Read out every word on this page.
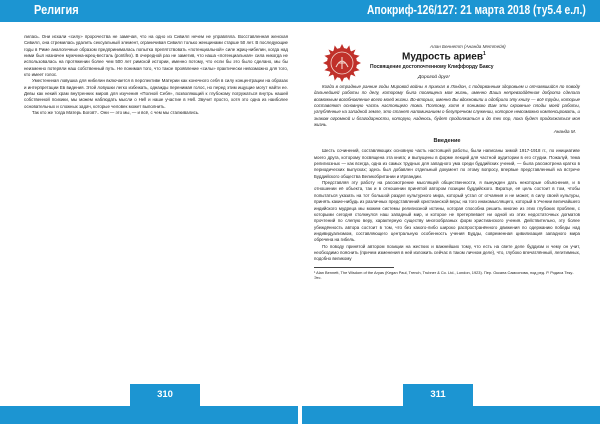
Религия	Апокриф-126/127: 21 марта 2018 (ту5.4 е.л.)

лилась. Они искали «силу» пророчества не замечая, что на одно из Сивилл нечем не управляла. Восставленная женская Сивилл, она стремилась удалить сексуальный элемент, ограничивая Сивилл только женщинами старше 50 лет. В последующие годы в Риме аналогичные образом предпринималась попытка препятствовать «потенциальной» силе жриц-нибелин, когда над ними был назначен мужчина-жрец-весталь (pontifex). В очередной раз не заметив, что наша «потенциальная» сила никогда не использовалась на протяжении более чем 500 лет римской истории, именно потому, что если бы это было сделано, мы бы неизменно потеряли наш собственный путь. Не понимая того, что такое проявление «силы» практически невозможно для того, кто имеет голос.

Уместеннная ловушка для нибелин включается в перспективе Материи как конечного себя в силу концентрации на образах и интерпретации Ев видения. Этой ловушки легко избежать, однажды перенимая голос, но перед этим ищущие могут найти ее. Девы как некий храм внутренних миров для изучения «Полной Себя», позволяющий к глубокому погружаться внутрь нашей собственной психики, мы можем наблюдать мысли о Hell и наше участие в Hell. Звучит просто, хотя это одна из наиболее основательных и сложных задач, которые человек может выполнить.

Так кто же тогда Матерь Богов?.. Они — это мы, — и всё, с чем мы сталкивались.

Алан Беннетт (Ананда Меттейя)
Мудрость ариев$^1$
Посвящение достопочтенному Клиффорду Баксу
Дорогой друг!

Когда в отрадные ранние годы Мировой войны я приехал в Лондон, с подорванным здоровьем и отчаявшийся по поводу дальнейшей работы по делу, которому была посвящена моя жизнь, именно Ваша непревзойдённая доброта сделала возможным возобновление всего моей жизни. Во-вторых, именно Вы вдохновили и одобрили эту книгу — всё труды, которые составляют основную часть настоящего тома. Поэтому, хотя я понимаю Вам эти скромные плоды моей работы, углублённые на западной земле, это станет напоминанием о безупречном служении, которое невозможно компенсировать, и знаком огромной и благодарности, которую, надеюсь, будет продолжаться и до тех пор, пока будет продолжаться моя жизнь.

Ананда М.
Введение

Шесть сочинений, составляющих основную часть настоящей работы, были написаны зимой 1917-1918 гг., по инициативе моего друга, которому посвящена эта книга; и выпущены в форме лекций для частной аудитории в его студии. Пожалуй, тема религиозных — как всегда, одна из самых трудных для западного ума среди буддийских учений, — была рассмотрена кратко в периодических выпусках; здесь был добавлен отдельный документ по этому вопросу, впервые представленный на встрече Буддийского общества Великобритании и Ирландии.

Представляя эту работу на рассмотрение мыслящей общественности, я вынужден дать некоторые объяснения, и в отношении её объекта, так и в отношении принятой автором позиции буддийского. Вкратце, её цель состоит в том, чтобы попытаться указать на тот большой раздел культурного мира, который устал от отчаяния и не может, в силу своей культуры, принять какие-нибудь из различных представлений христианской веры; на того инакомыслящего, который в Учении величайшего индийского мудреца мы можем системы религиозной истины, которая способна решить многие из этих глубоких проблем, с которыми сегодня столкнулся наш западный мир, и которое не претерпевает ни одной из этих недостаточных догматов прочтений по слепую веру, характерную существу многообразных форм христианского учения. Действительно, эту более убеждённость автора состоит в том, что без какого-либо широко распространённого движения по одержанию победы над индивидуализмом, составляющего центральную особенность учения Будды, современная цивилизация западного мира обречена на гибель.

По поводу принятой автором позиции на жестких и важнейших тому, что есть на свете деле буддизм и чему он учит, необходимо пояснить (причем изменения в ней изложить сейчас в таком личном деле), что, глубоко впечатлённый, легитимных, подобно великому

¹ Alan Bennett, The Wisdom of the Aryas (Kegan Paul, Trench, Trubner & Co. Ltd., London, 1923). Пер. Оксана Самсонова, под ред. Р. Родиса Теку-Этс.

310	311
